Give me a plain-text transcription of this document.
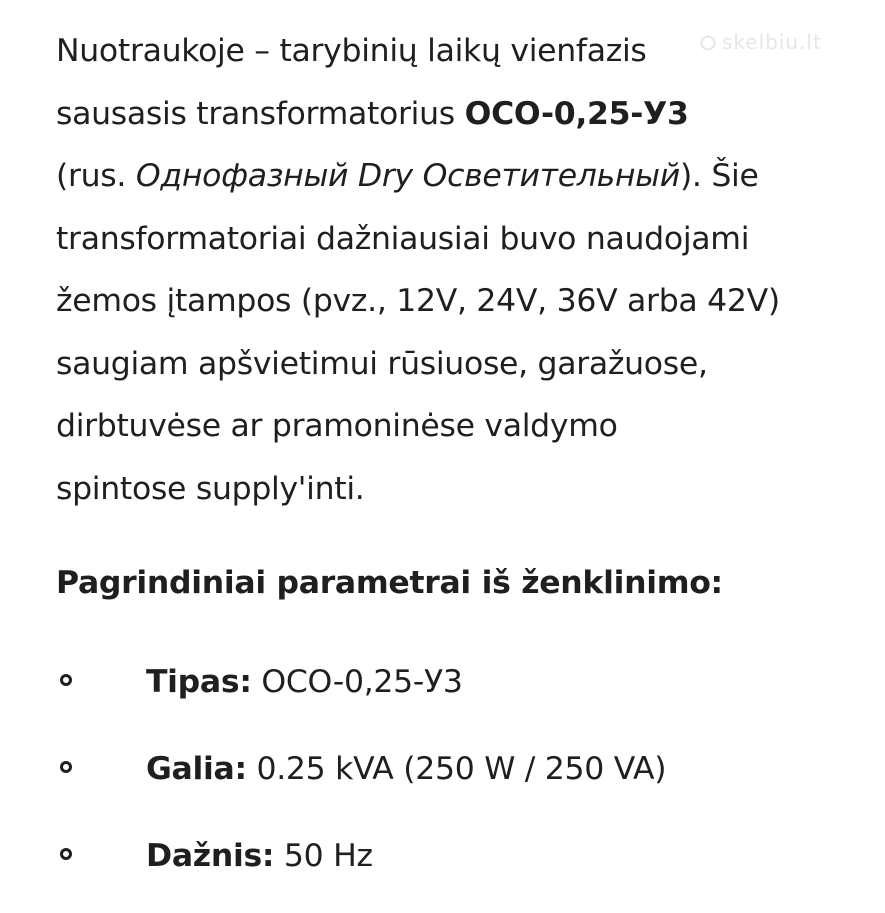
skelbiu.lt
Nuotraukoje – tarybinių laikų vienfazis
sausasis transformatorius OCO-0,25-У3
(rus. Однофазный Dry Осветительный). Šie
transformatoriai dažniausiai buvo naudojami
žemos įtampos (pvz., 12V, 24V, 36V arba 42V)
saugiam apšvietimui rūsiuose, garažuose,
dirbtuvėse ar pramoninėse valdymo
spintose supply'inti.
Pagrindiniai parametrai iš ženklinimo:
Tipas: OCO-0,25-У3
Galia: 0.25 kVA (250 W / 250 VA)
Dažnis: 50 Hz
